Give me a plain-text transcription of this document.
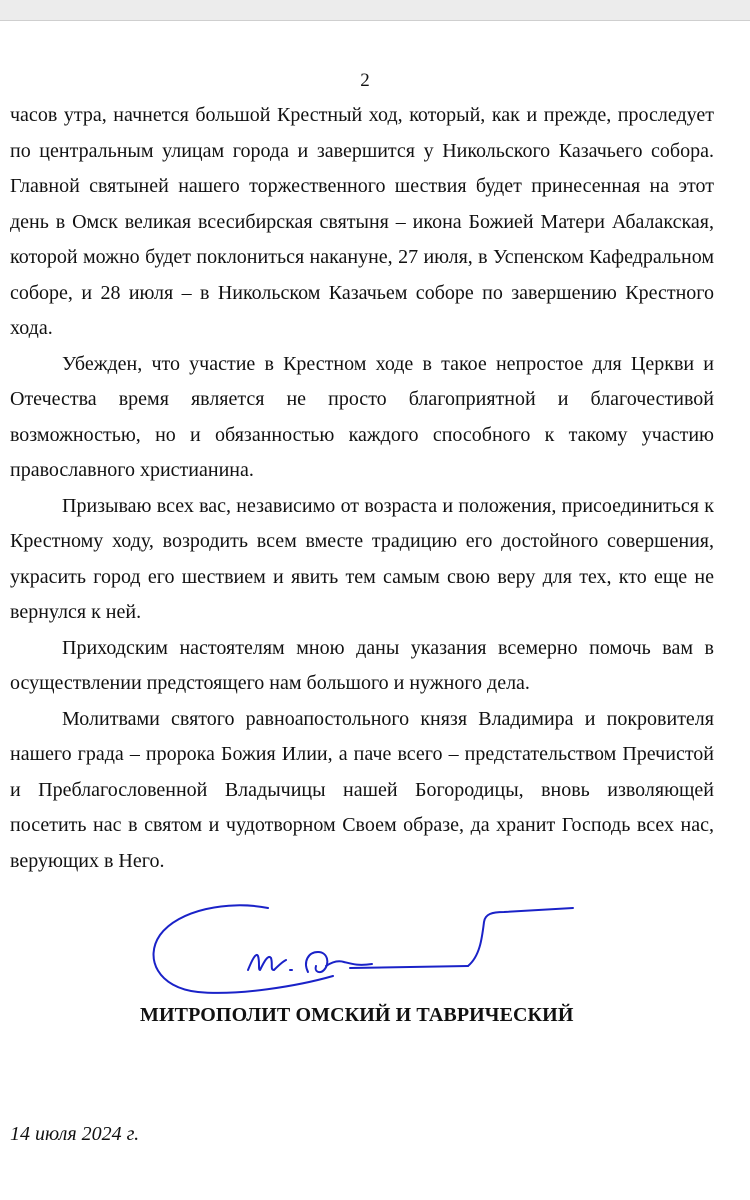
2

часов утра, начнется большой Крестный ход, который, как и прежде, проследует по центральным улицам города и завершится у Никольского Казачьего собора. Главной святыней нашего торжественного шествия будет принесенная на этот день в Омск великая всесибирская святыня – икона Божией Матери Абалакская, которой можно будет поклониться накануне, 27 июля, в Успенском Кафедральном соборе, и 28 июля – в Никольском Казачьем соборе по завершению Крестного хода.

Убежден, что участие в Крестном ходе в такое непростое для Церкви и Отечества время является не просто благоприятной и благочестивой возможностью, но и обязанностью каждого способного к такому участию православного христианина.

Призываю всех вас, независимо от возраста и положения, присоединиться к Крестному ходу, возродить всем вместе традицию его достойного совершения, украсить город его шествием и явить тем самым свою веру для тех, кто еще не вернулся к ней.

Приходским настоятелям мною даны указания всемерно помочь вам в осуществлении предстоящего нам большого и нужного дела.

Молитвами святого равноапостольного князя Владимира и покровителя нашего града – пророка Божия Илии, а паче всего – предстательством Пречистой и Преблагословенной Владычицы нашей Богородицы, вновь изволяющей посетить нас в святом и чудотворном Своем образе, да хранит Господь всех нас, верующих в Него.

МИТРОПОЛИТ ОМСКИЙ И ТАВРИЧЕСКИЙ
14 июля 2024 г.
